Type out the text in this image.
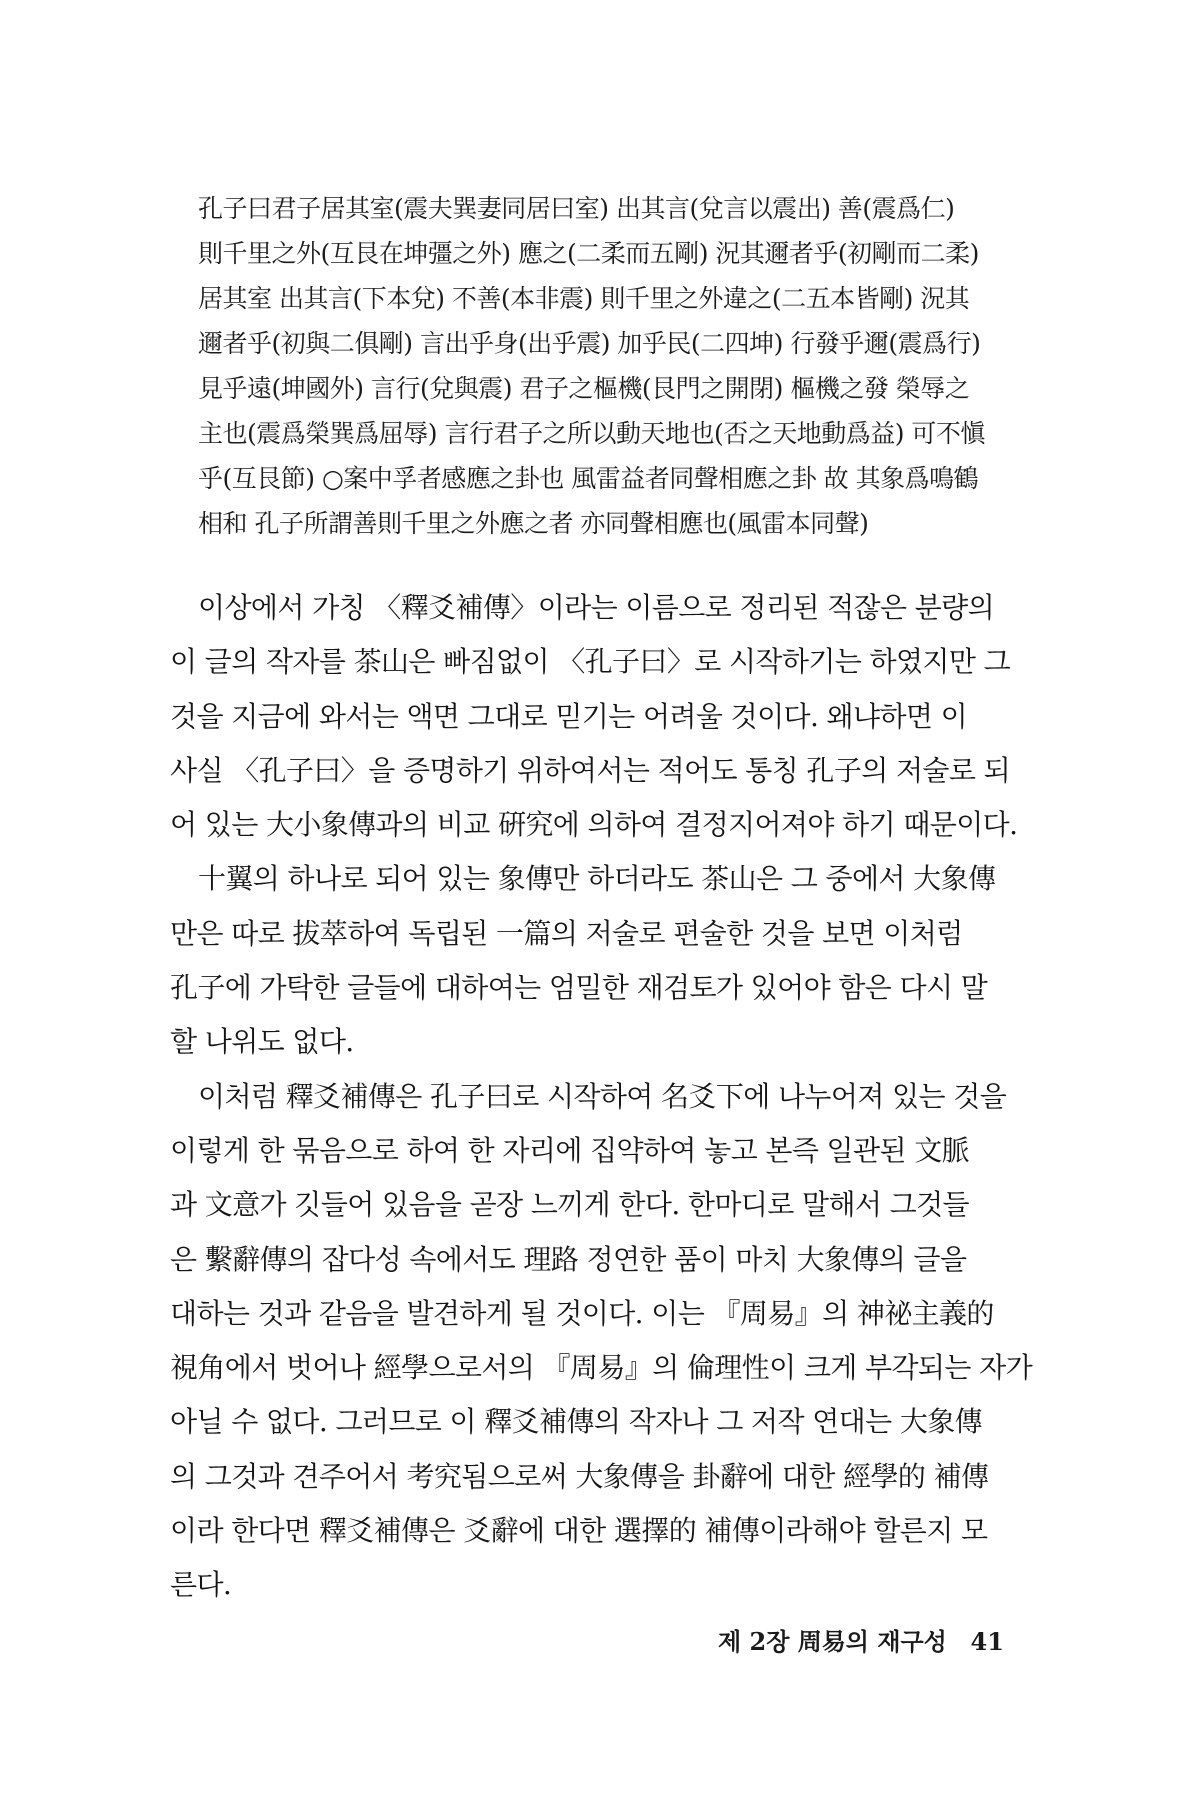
孔子曰君子居其室(震夫巽妻同居曰室) 出其言(兌言以震出) 善(震爲仁)
則千里之外(互艮在坤彊之外) 應之(二柔而五剛) 況其邇者乎(初剛而二柔)
居其室 出其言(下本兌) 不善(本非震) 則千里之外違之(二五本皆剛) 況其
邇者乎(初與二俱剛) 言出乎身(出乎震) 加乎民(二四坤) 行發乎邇(震爲行)
見乎遠(坤國外) 言行(兌與震) 君子之樞機(艮門之開閉) 樞機之發 榮辱之
主也(震爲榮巽爲屈辱) 言行君子之所以動天地也(否之天地動爲益) 可不愼
乎(互艮節) ○案中孚者感應之卦也 風雷益者同聲相應之卦 故 其象爲鳴鶴
相和 孔子所謂善則千里之外應之者 亦同聲相應也(風雷本同聲)
이상에서 가칭 〈釋爻補傳〉이라는 이름으로 정리된 적잖은 분량의
이 글의 작자를 茶山은 빠짐없이 〈孔子曰〉로 시작하기는 하였지만 그
것을 지금에 와서는 액면 그대로 믿기는 어려울 것이다. 왜냐하면 이
사실 〈孔子曰〉을 증명하기 위하여서는 적어도 통칭 孔子의 저술로 되
어 있는 大小象傳과의 비교 硏究에 의하여 결정지어져야 하기 때문이다.
十翼의 하나로 되어 있는 象傳만 하더라도 茶山은 그 중에서 大象傳
만은 따로 拔萃하여 독립된 一篇의 저술로 편술한 것을 보면 이처럼
孔子에 가탁한 글들에 대하여는 엄밀한 재검토가 있어야 함은 다시 말
할 나위도 없다.
이처럼 釋爻補傳은 孔子曰로 시작하여 名爻下에 나누어져 있는 것을
이렇게 한 묶음으로 하여 한 자리에 집약하여 놓고 본즉 일관된 文脈
과 文意가 깃들어 있음을 곧장 느끼게 한다. 한마디로 말해서 그것들
은 繫辭傳의 잡다성 속에서도 理路 정연한 품이 마치 大象傳의 글을
대하는 것과 같음을 발견하게 될 것이다. 이는 『周易』의 神祕主義的
視角에서 벗어나 經學으로서의 『周易』의 倫理性이 크게 부각되는 자가
아닐 수 없다. 그러므로 이 釋爻補傳의 작자나 그 저작 연대는 大象傳
의 그것과 견주어서 考究됨으로써 大象傳을 卦辭에 대한 經學的 補傳
이라 한다면 釋爻補傳은 爻辭에 대한 選擇的 補傳이라해야 할른지 모
른다.
제 2장 周易의 재구성 41
